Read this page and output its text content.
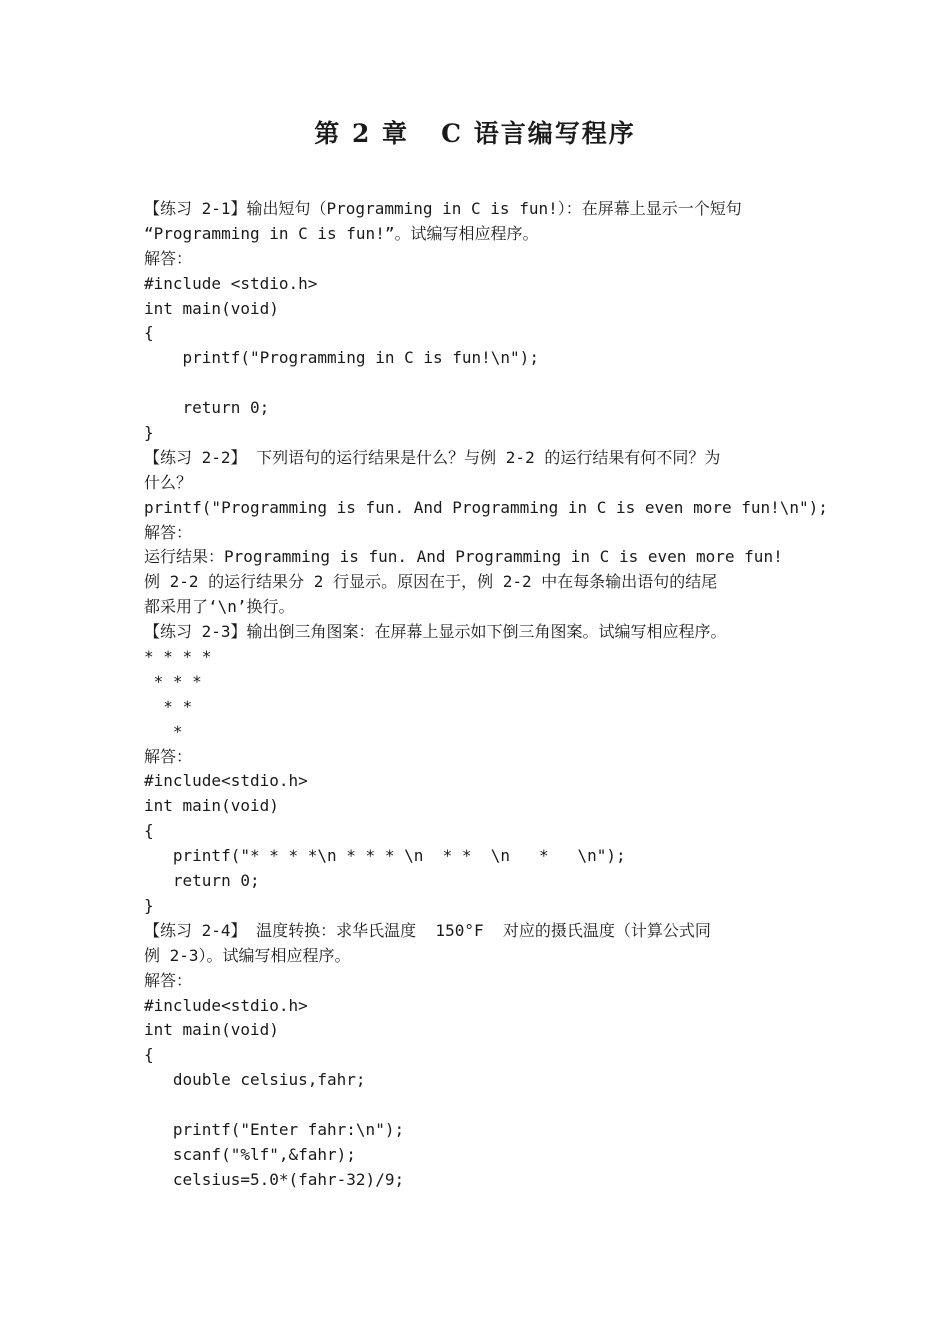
第 2 章   C 语言编写程序
【练习 2-1】输出短句（Programming in C is fun!）：在屏幕上显示一个短句
“Programming in C is fun!”。试编写相应程序。
解答：
#include <stdio.h>
int main(void)
{
printf("Programming in C is fun!\n");
return 0;
}
【练习 2-2】 下列语句的运行结果是什么？与例 2-2 的运行结果有何不同？为
什么？
printf("Programming is fun. And Programming in C is even more fun!\n");
解答：
运行结果：Programming is fun. And Programming in C is even more fun!
例 2-2 的运行结果分 2 行显示。原因在于，例 2-2 中在每条输出语句的结尾
都采用了‘\n’换行。
【练习 2-3】输出倒三角图案：在屏幕上显示如下倒三角图案。试编写相应程序。
* * * *
* * *
* *
*
解答：
#include<stdio.h>
int main(void)
{
printf("* * * *\n * * * \n  * *  \n   *   \n");
return 0;
}
【练习 2-4】 温度转换：求华氏温度  150°F  对应的摄氏温度（计算公式同
例 2-3）。试编写相应程序。
解答：
#include<stdio.h>
int main(void)
{
double celsius,fahr;
printf("Enter fahr:\n");
scanf("%lf",&fahr);
celsius=5.0*(fahr-32)/9;
